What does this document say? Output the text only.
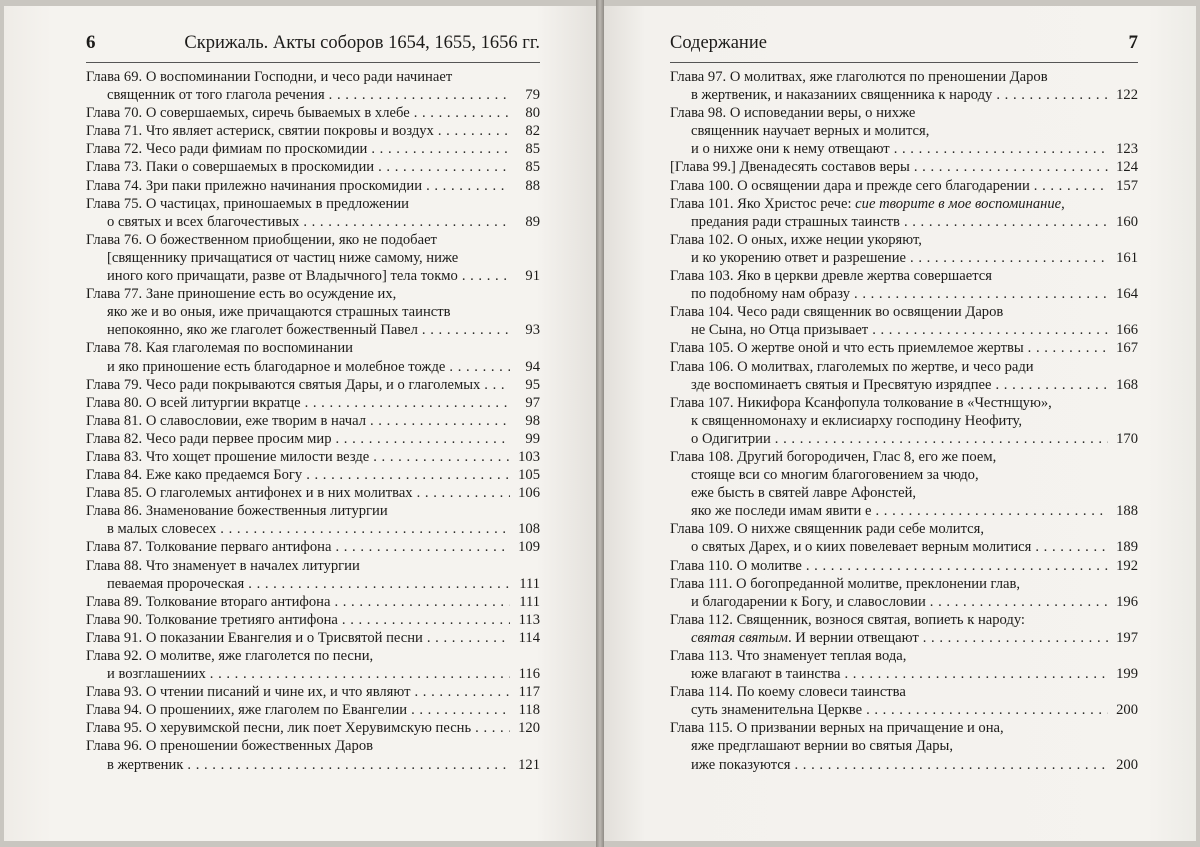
6	Скрижаль. Акты соборов 1654, 1655, 1656 гг.
Глава 69. О воспоминании Господни, и чесо ради начинает
священник от того глагола речения . . .	79
Глава 70. О совершаемых, сиречь бываемых в хлебе . . .	80
Глава 71. Что являет астериск, святии покровы и воздух . . .	82
Глава 72. Чесо ради фимиам по проскомидии . . .	85
Глава 73. Паки о совершаемых в проскомидии . . .	85
Глава 74. Зри паки прилежно начинания проскомидии . . .	88
Глава 75. О частицах, приношаемых в предложении
о святых и всех благочестивых . . .	89
Глава 76. О божественном приобщении, яко не подобает
[священнику причащатися от частиц ниже самому, ниже
иного кого причащати, разве от Владычного] тела токмо . . .	91
Глава 77. Зане приношение есть во осуждение их,
яко же и во оныя, иже причащаются страшных таинств
непокоянно, яко же глаголет божественный Павел . . .	93
Глава 78. Кая глаголемая по воспоминании
и яко приношение есть благодарное и молебное тожде . . .	94
Глава 79. Чесо ради покрываются святыя Дары, и о глаголемых . . .	95
Глава 80. О всей литургии вкратце . . .	97
Глава 81. О славословии, еже творим в начал . . .	98
Глава 82. Чесо ради первее просим мир . . .	99
Глава 83. Что хощет прошение милости везде . . .	103
Глава 84. Еже како предаемся Богу . . .	105
Глава 85. О глаголемых антифонех и в них молитвах . . .	106
Глава 86. Знаменование божественныя литургии
в малых словесех . . .	108
Глава 87. Толкование перваго антифона . . .	109
Глава 88. Что знаменует в началех литургии
певаемая пророческая . . .	111
Глава 89. Толкование втораго антифона . . .	111
Глава 90. Толкование третияго антифона . . .	113
Глава 91. О показании Евангелия и о Трисвятой песни . . .	114
Глава 92. О молитве, яже глаголется по песни,
и возглашениих . . .	116
Глава 93. О чтении писаний и чине их, и что являют . . .	117
Глава 94. О прошениих, яже глаголем по Евангелии . . .	118
Глава 95. О херувимской песни, лик поет Херувимскую песнь . . .	120
Глава 96. О преношении божественных Даров
в жертвеник . . .	121
Содержание	7
Глава 97. О молитвах, яже глаголются по преношении Даров
в жертвеник, и наказаниих священника к народу . . .	122
Глава 98. О исповедании веры, о нихже
священник научает верных и молится,
и о нихже они к нему отвещают . . .	123
[Глава 99.] Двенадесять составов веры . . .	124
Глава 100. О освящении дара и прежде сего благодарении . . .	157
Глава 101. Яко Христос рече: сие творите в мое воспоминание,
предания ради страшных таинств . . .	160
Глава 102. О оных, ихже неции укоряют,
и ко укорению ответ и разрешение . . .	161
Глава 103. Яко в церкви древле жертва совершается
по подобному нам образу . . .	164
Глава 104. Чесо ради священник во освящении Даров
не Сына, но Отца призывает . . .	166
Глава 105. О жертве оной и что есть приемлемое жертвы . . .	167
Глава 106. О молитвах, глаголемых по жертве, и чесо ради
зде воспоминаетъ святыя и Пресвятую изрядпее . . .	168
Глава 107. Никифора Ксанфопула толкование в «Честнщую»,
к священномонаху и еклисиарху господину Неофиту,
о Одигитрии . . .	170
Глава 108. Другий богородичен, Глас 8, его же поем,
стояще вси со многим благоговением за чюдо,
еже бысть в святей лавре Афонстей,
яко же последи имам явити е . . .	188
Глава 109. О нихже священник ради себе молится,
о святых Дарех, и о киих повелевает верным молитися . . .	189
Глава 110. О молитве . . .	192
Глава 111. О богопреданной молитве, преклонении глав,
и благодарении к Богу, и славословии . . .	196
Глава 112. Священник, вознося святая, вопиеть к народу:
святая святым. И вернии отвещают . . .	197
Глава 113. Что знаменует теплая вода,
юже влагают в таинства . . .	199
Глава 114. По коему словеси таинства
суть знаменительна Церкве . . .	200
Глава 115. О призвании верных на причащение и она,
яже предглашают вернии во святыя Дары,
иже показуются . . .	200
